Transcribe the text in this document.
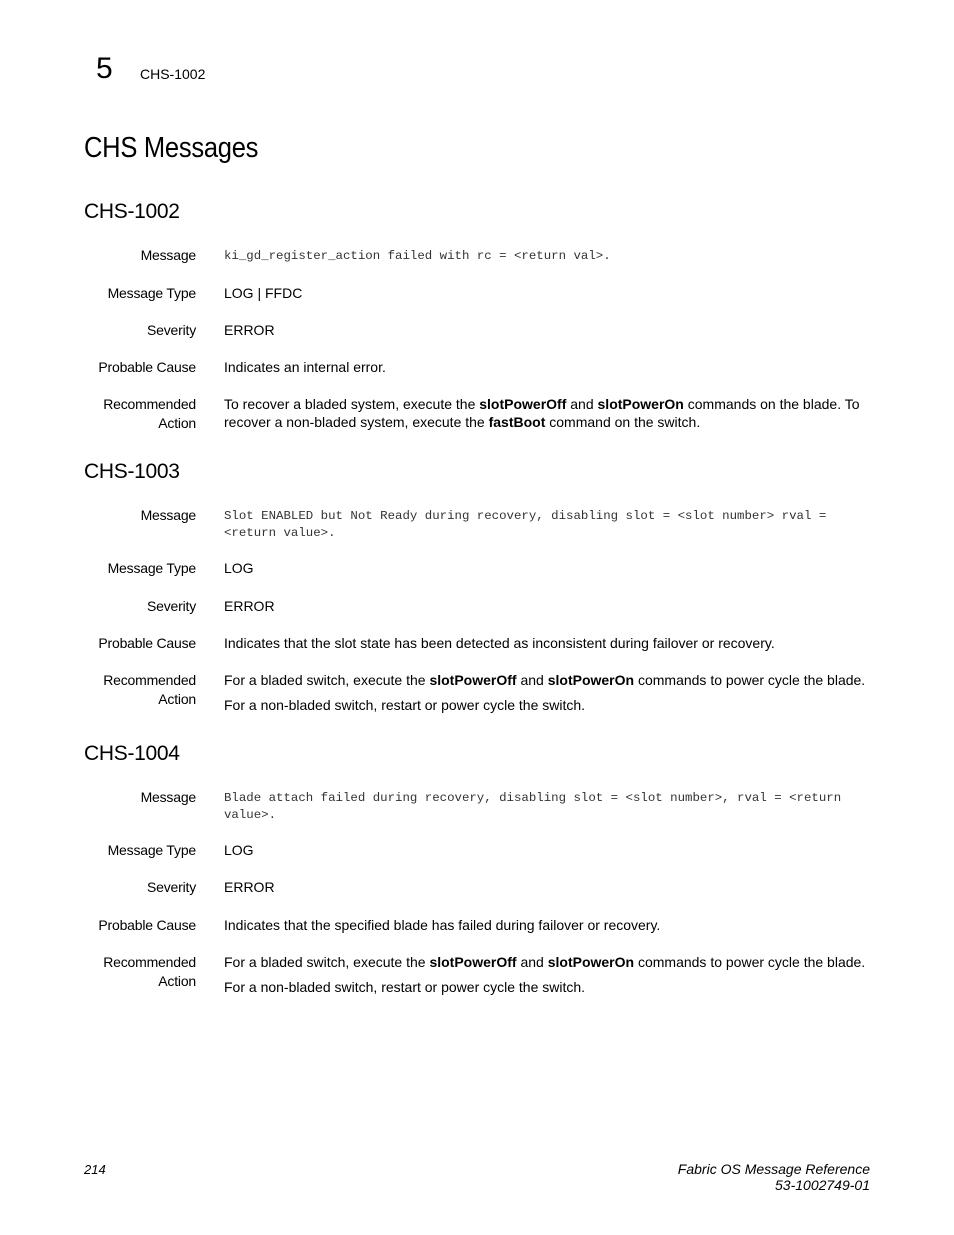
5 CHS-1002
CHS Messages
CHS-1002
Message ki_gd_register_action failed with rc = <return val>.
Message Type LOG | FFDC
Severity ERROR
Probable Cause Indicates an internal error.
Recommended
Action
To recover a bladed system, execute the slotPowerOff and slotPowerOn commands on the blade. To recover a non-bladed system, execute the fastBoot command on the switch.
CHS-1003
Message Slot ENABLED but Not Ready during recovery, disabling slot = <slot number> rval = <return value>.
Message Type LOG
Severity ERROR
Probable Cause Indicates that the slot state has been detected as inconsistent during failover or recovery.
Recommended
Action
For a bladed switch, execute the slotPowerOff and slotPowerOn commands to power cycle the blade.
For a non-bladed switch, restart or power cycle the switch.
CHS-1004
Message Blade attach failed during recovery, disabling slot = <slot number>, rval = <return value>.
Message Type LOG
Severity ERROR
Probable Cause Indicates that the specified blade has failed during failover or recovery.
Recommended
Action
For a bladed switch, execute the slotPowerOff and slotPowerOn commands to power cycle the blade.
For a non-bladed switch, restart or power cycle the switch.
214	Fabric OS Message Reference
53-1002749-01
